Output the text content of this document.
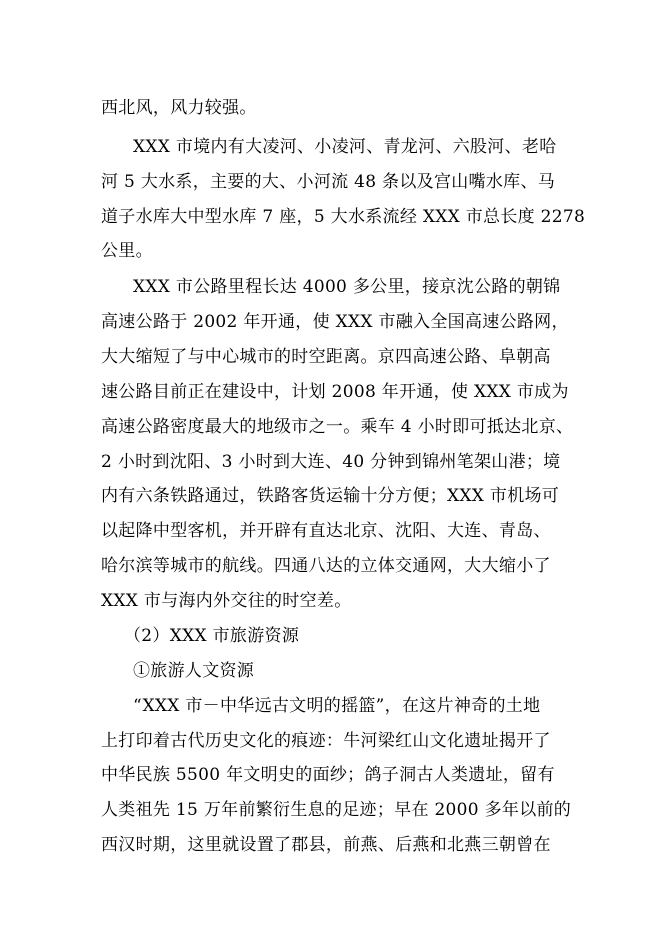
西北风，风力较强。
XXX 市境内有大凌河、小凌河、青龙河、六股河、老哈
河 5 大水系，主要的大、小河流 48 条以及宫山嘴水库、马
道子水库大中型水库 7 座，5 大水系流经 XXX 市总长度 2278
公里。
XXX 市公路里程长达 4000 多公里，接京沈公路的朝锦
高速公路于 2002 年开通，使 XXX 市融入全国高速公路网，
大大缩短了与中心城市的时空距离。京四高速公路、阜朝高
速公路目前正在建设中，计划 2008 年开通，使 XXX 市成为
高速公路密度最大的地级市之一。乘车 4 小时即可抵达北京、
2 小时到沈阳、3 小时到大连、40 分钟到锦州笔架山港；境
内有六条铁路通过，铁路客货运输十分方便；XXX 市机场可
以起降中型客机，并开辟有直达北京、沈阳、大连、青岛、
哈尔滨等城市的航线。四通八达的立体交通网，大大缩小了
XXX 市与海内外交往的时空差。
（2）XXX 市旅游资源
①旅游人文资源
“XXX 市－中华远古文明的摇篮”，在这片神奇的土地
上打印着古代历史文化的痕迹：牛河梁红山文化遗址揭开了
中华民族 5500 年文明史的面纱；鸽子洞古人类遗址，留有
人类祖先 15 万年前繁衍生息的足迹；早在 2000 多年以前的
西汉时期，这里就设置了郡县，前燕、后燕和北燕三朝曾在
